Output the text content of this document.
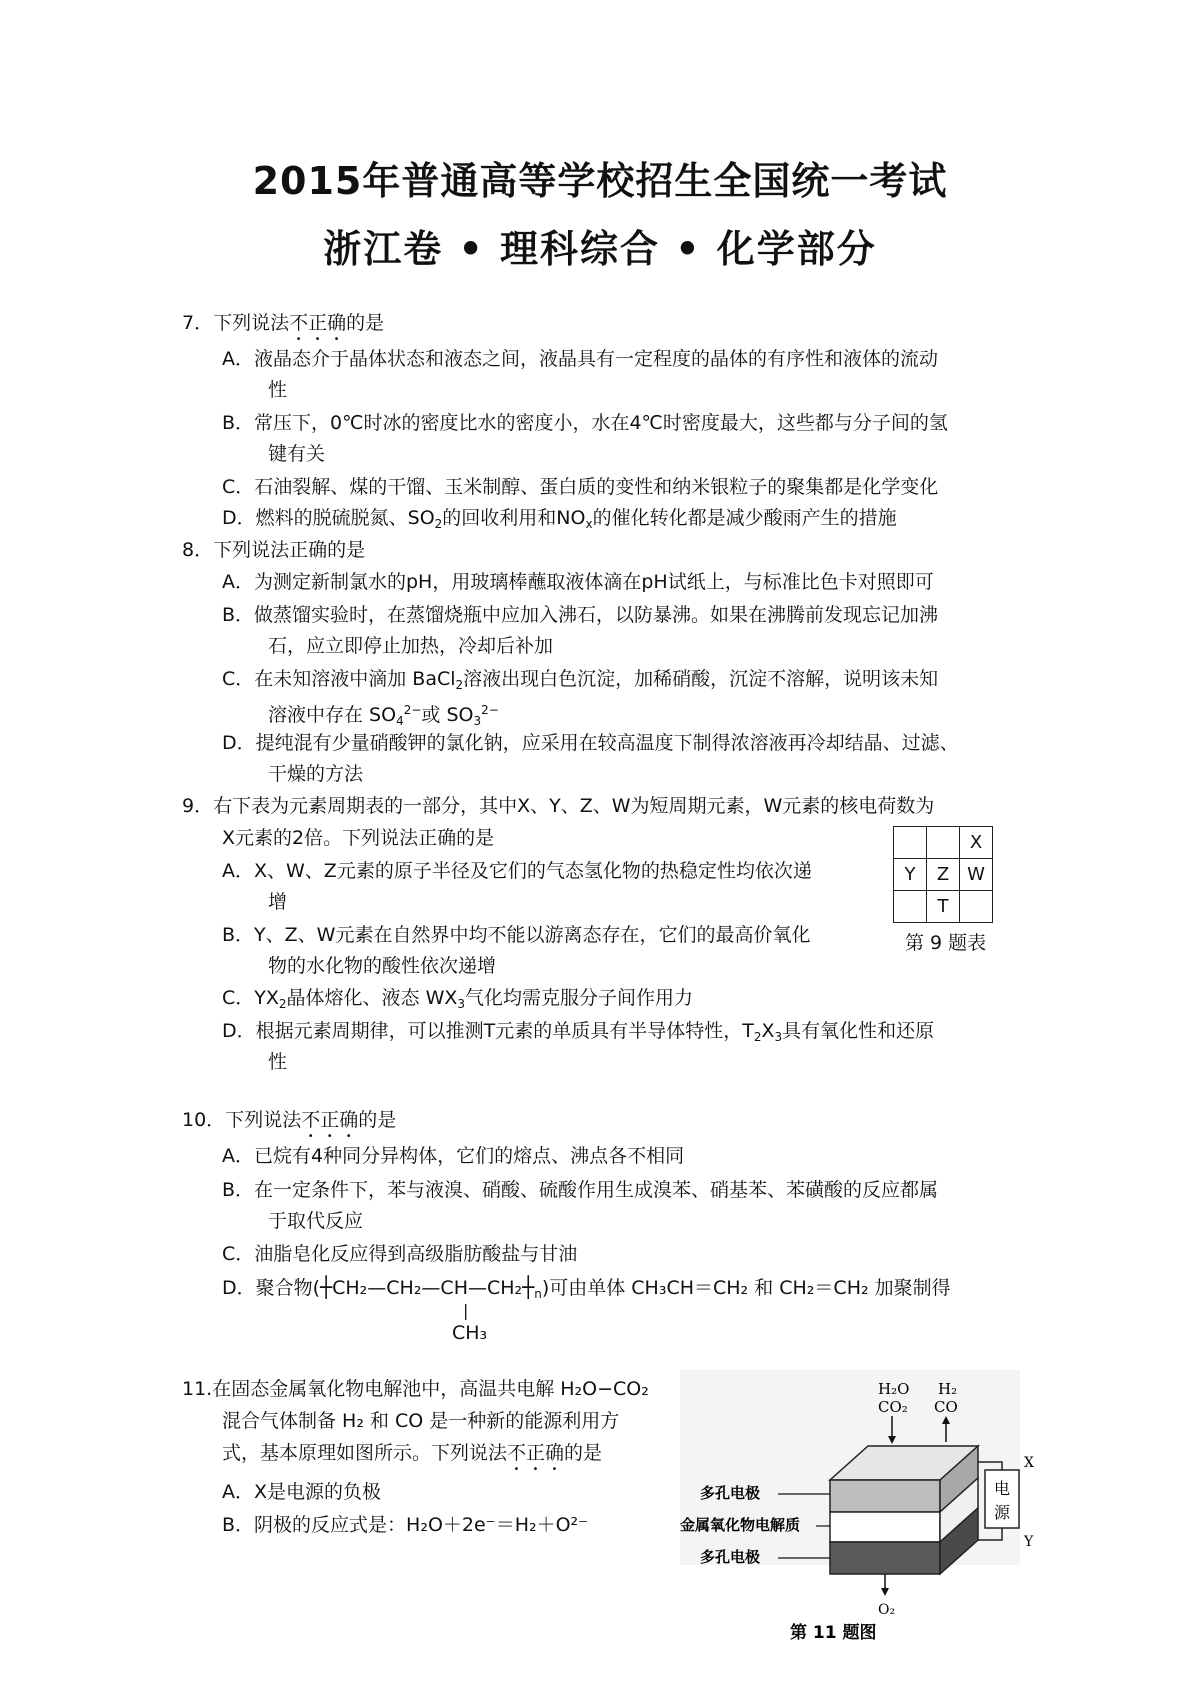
2015年普通高等学校招生全国统一考试
浙江卷 • 理科综合 • 化学部分
7．下列说法不正确的是
A．液晶态介于晶体状态和液态之间，液晶具有一定程度的晶体的有序性和液体的流动
性
B．常压下，0℃时冰的密度比水的密度小，水在4℃时密度最大，这些都与分子间的氢
键有关
C．石油裂解、煤的干馏、玉米制醇、蛋白质的变性和纳米银粒子的聚集都是化学变化
D．燃料的脱硫脱氮、$SO_2$的回收利用和$NO_x$的催化转化都是减少酸雨产生的措施
8．下列说法正确的是
A．为测定新制氯水的pH，用玻璃棒蘸取液体滴在pH试纸上，与标准比色卡对照即可
B．做蒸馏实验时，在蒸馏烧瓶中应加入沸石，以防暴沸。如果在沸腾前发现忘记加沸
石，应立即停止加热，冷却后补加
C．在未知溶液中滴加 BaCl$_2$溶液出现白色沉淀，加稀硝酸，沉淀不溶解，说明该未知
溶液中存在 $SO_4^{2-}$或 $SO_3^{2-}$
D．提纯混有少量硝酸钾的氯化钠，应采用在较高温度下制得浓溶液再冷却结晶、过滤、
干燥的方法
9．右下表为元素周期表的一部分，其中X、Y、Z、W为短周期元素，W元素的核电荷数为
X元素的2倍。下列说法正确的是
A．X、W、Z元素的原子半径及它们的气态氢化物的热稳定性均依次递
增
B．Y、Z、W元素在自然界中均不能以游离态存在，它们的最高价氧化
物的水化物的酸性依次递增
C．$YX_2$晶体熔化、液态 $WX_3$气化均需克服分子间作用力
D．根据元素周期律，可以推测T元素的单质具有半导体特性，$T_2X_3$具有氧化性和还原
性
		X
Y	Z	W
	T	
第 9 题表
10．下列说法不正确的是
A．已烷有4种同分异构体，它们的熔点、沸点各不相同
B．在一定条件下，苯与液溴、硝酸、硫酸作用生成溴苯、硝基苯、苯磺酸的反应都属
于取代反应
C．油脂皂化反应得到高级脂肪酸盐与甘油
D．聚合物$(┼CH_2—CH_2—CH—CH_2┼_n)$可由单体 CH₃CH＝CH₂ 和 CH₂＝CH₂ 加聚制得
|
CH₃
11.在固态金属氧化物电解池中，高温共电解 H₂O−CO₂
混合气体制备 H₂ 和 CO 是一种新的能源利用方
式，基本原理如图所示。下列说法不正确的是
A．X是电源的负极
B．阴极的反应式是：H₂O＋2e⁻＝H₂＋O²⁻
H₂O
CO₂
H₂
CO
多孔电极
金属氧化物电解质
多孔电极
电
源
X
Y
O₂
第 11 题图
